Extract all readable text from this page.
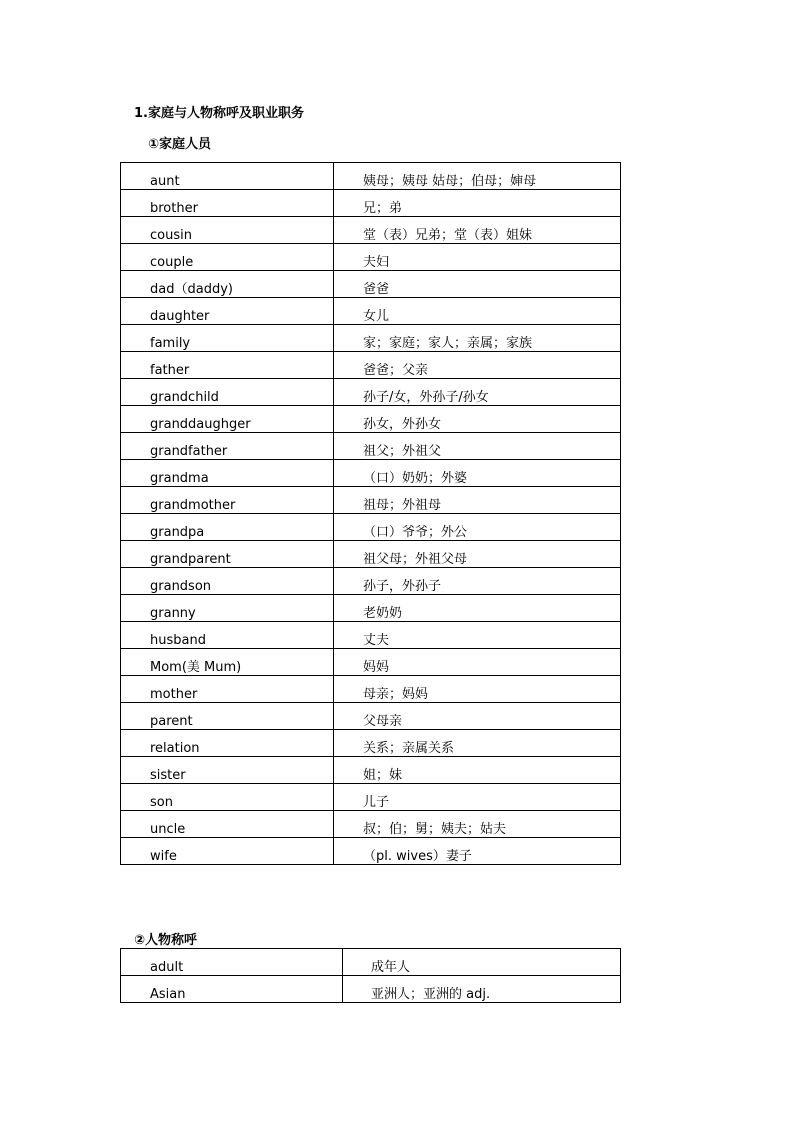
1.家庭与人物称呼及职业职务
①家庭人员
aunt	姨母；姨母 姑母；伯母；婶母
brother	兄；弟
cousin	堂（表）兄弟；堂（表）姐妹
couple	夫妇
dad（daddy)	爸爸
daughter	女儿
family	家；家庭；家人；亲属；家族
father	爸爸；父亲
grandchild	孙子/女，外孙子/孙女
granddaughger	孙女，外孙女
grandfather	祖父；外祖父
grandma	（口）奶奶；外婆
grandmother	祖母；外祖母
grandpa	（口）爷爷；外公
grandparent	祖父母；外祖父母
grandson	孙子，外孙子
granny	老奶奶
husband	丈夫
Mom(美 Mum)	妈妈
mother	母亲；妈妈
parent	父母亲
relation	关系；亲属关系
sister	姐；妹
son	儿子
uncle	叔；伯；舅；姨夫；姑夫
wife	（pl. wives）妻子
②人物称呼
adult	成年人
Asian	亚洲人；亚洲的 adj.
